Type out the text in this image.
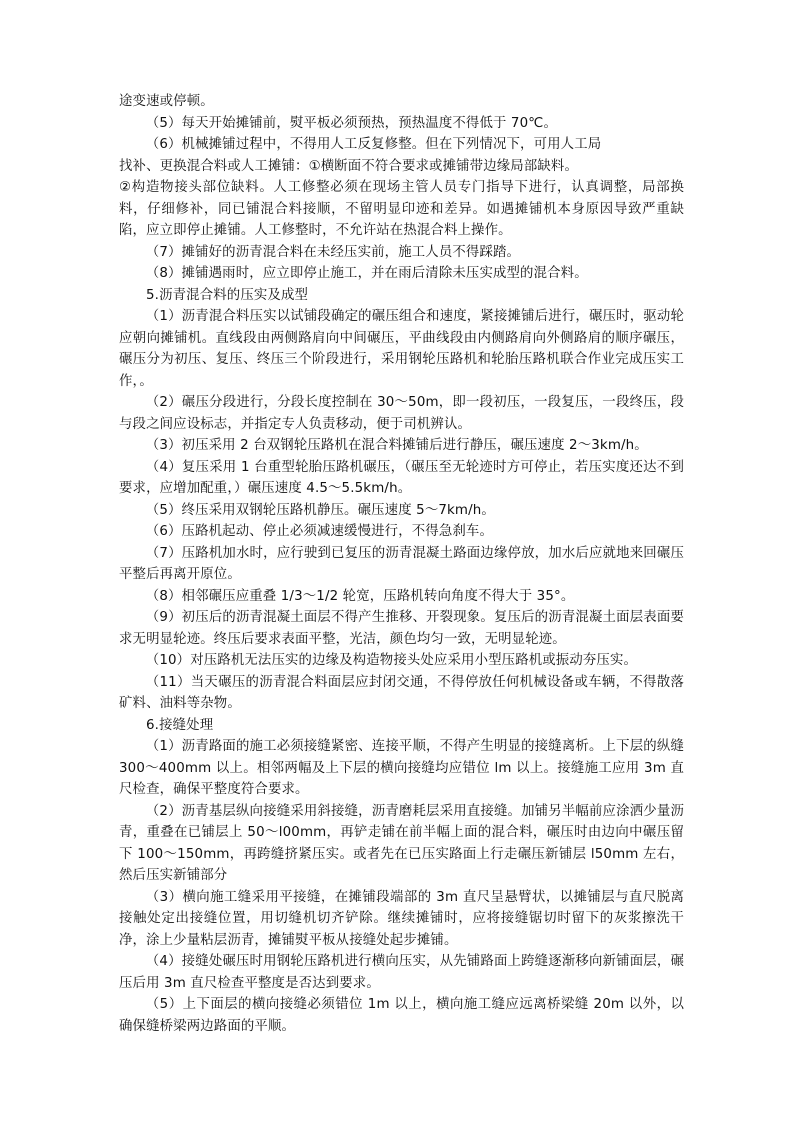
途变速或停顿。

（5）每天开始摊铺前，熨平板必须预热，预热温度不得低于 70℃。

（6）机械摊铺过程中，不得用人工反复修整。但在下列情况下，可用人工局

找补、更换混合料或人工摊铺：①横断面不符合要求或摊铺带边缘局部缺料。

②构造物接头部位缺料。人工修整必须在现场主管人员专门指导下进行，认真调整，局部换料，仔细修补，同已铺混合料接顺，不留明显印迹和差异。如遇摊铺机本身原因导致严重缺陷，应立即停止摊铺。人工修整时，不允许站在热混合料上操作。

（7）摊铺好的沥青混合料在未经压实前，施工人员不得踩踏。

（8）摊铺遇雨时，应立即停止施工，并在雨后清除未压实成型的混合料。

5.沥青混合料的压实及成型

（1）沥青混合料压实以试铺段确定的碾压组合和速度，紧接摊铺后进行，碾压时，驱动轮应朝向摊铺机。直线段由两侧路肩向中间碾压，平曲线段由内侧路肩向外侧路肩的顺序碾压，碾压分为初压、复压、终压三个阶段进行，采用钢轮压路机和轮胎压路机联合作业完成压实工作，。

（2）碾压分段进行，分段长度控制在 30～50m，即一段初压，一段复压，一段终压，段与段之间应设标志，并指定专人负责移动，便于司机辨认。

（3）初压采用 2 台双钢轮压路机在混合料摊铺后进行静压，碾压速度 2～3km/h。

（4）复压采用 1 台重型轮胎压路机碾压，（碾压至无轮迹时方可停止，若压实度还达不到要求，应增加配重，）碾压速度 4.5～5.5km/h。

（5）终压采用双钢轮压路机静压。碾压速度 5～7km/h。

（6）压路机起动、停止必须减速缓慢进行，不得急刹车。

（7）压路机加水时，应行驶到已复压的沥青混凝土路面边缘停放，加水后应就地来回碾压平整后再离开原位。

（8）相邻碾压应重叠 1/3～1/2 轮宽，压路机转向角度不得大于 35°。

（9）初压后的沥青混凝土面层不得产生推移、开裂现象。复压后的沥青混凝土面层表面要求无明显轮迹。终压后要求表面平整，光洁，颜色均匀一致，无明显轮迹。

（10）对压路机无法压实的边缘及构造物接头处应采用小型压路机或振动夯压实。

（11）当天碾压的沥青混合料面层应封闭交通，不得停放任何机械设备或车辆，不得散落矿料、油料等杂物。

6.接缝处理

（1）沥青路面的施工必须接缝紧密、连接平顺，不得产生明显的接缝离析。上下层的纵缝 300～400mm 以上。相邻两幅及上下层的横向接缝均应错位 lm 以上。接缝施工应用 3m 直尺检查，确保平整度符合要求。

（2）沥青基层纵向接缝采用斜接缝，沥青磨耗层采用直接缝。加铺另半幅前应涂洒少量沥青，重叠在已铺层上 50～l00mm，再铲走铺在前半幅上面的混合料，碾压时由边向中碾压留下 100～150mm，再跨缝挤紧压实。或者先在已压实路面上行走碾压新铺层 l50mm 左右，然后压实新铺部分

（3）横向施工缝采用平接缝，在摊铺段端部的 3m 直尺呈悬臂状，以摊铺层与直尺脱离接触处定出接缝位置，用切缝机切齐铲除。继续摊铺时，应将接缝锯切时留下的灰浆擦洗干净，涂上少量粘层沥青，摊铺熨平板从接缝处起步摊铺。

（4）接缝处碾压时用钢轮压路机进行横向压实，从先铺路面上跨缝逐渐移向新铺面层，碾压后用 3m 直尺检查平整度是否达到要求。

（5）上下面层的横向接缝必须错位 1m 以上，横向施工缝应远离桥梁缝 20m 以外，以确保缝桥梁两边路面的平顺。
